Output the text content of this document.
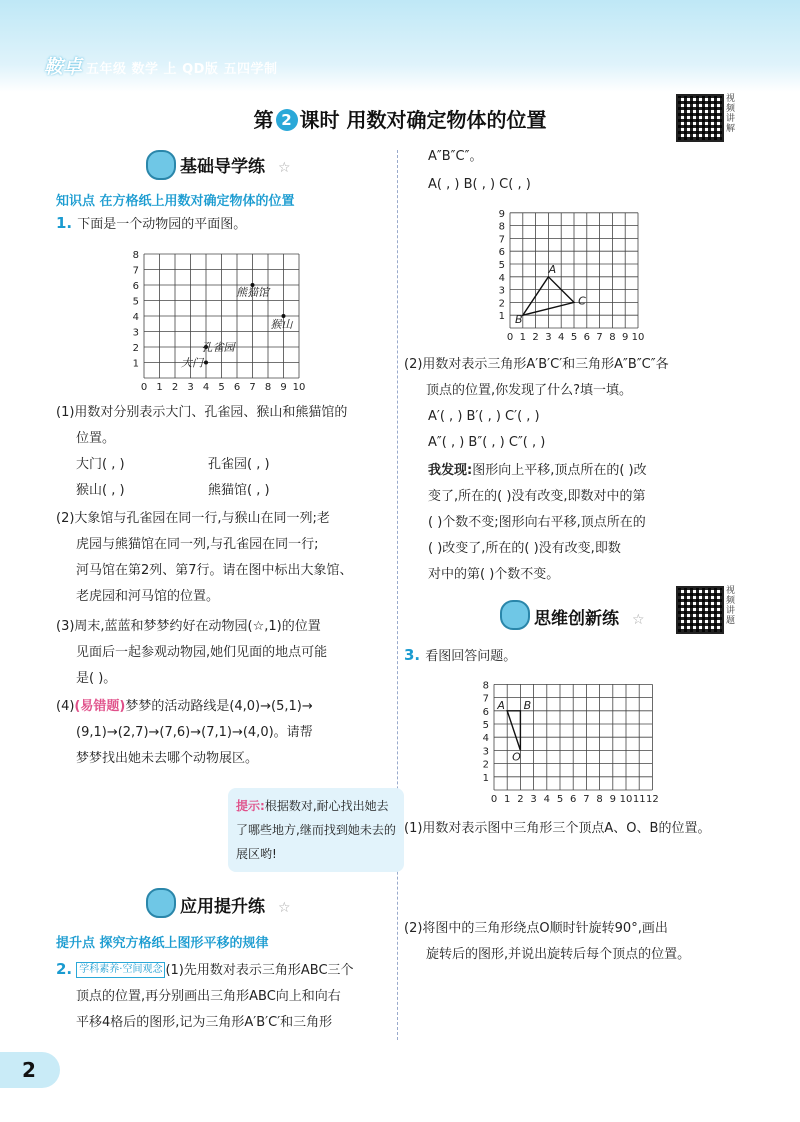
鞍卓 五年级 数学 上 QD版 五四学制
第 2 课时 用数对确定物体的位置
视频讲解
基础导学练 ☆
知识点 在方格纸上用数对确定物体的位置
1. 下面是一个动物园的平面图。
0 1 2 3 4 5 6 7 8 9 10
1
2
3
4
5
6
7
8
熊猫馆
猴山
孔雀园
大门
(1)用数对分别表示大门、孔雀园、猴山和熊猫馆的
位置。
大门( , )	孔雀园( , )
猴山( , )	熊猫馆( , )
(2)大象馆与孔雀园在同一行,与猴山在同一列;老
虎园与熊猫馆在同一列,与孔雀园在同一行;
河马馆在第2列、第7行。请在图中标出大象馆、
老虎园和河马馆的位置。
(3)周末,蓝蓝和梦梦约好在动物园(☆,1)的位置
见面后一起参观动物园,她们见面的地点可能
是( )。
(4)(易错题)梦梦的活动路线是(4,0)→(5,1)→
(9,1)→(2,7)→(7,6)→(7,1)→(4,0)。请帮
梦梦找出她未去哪个动物展区。
提示:根据数对,耐心找出她去了哪些地方,继而找到她未去的展区哟!
应用提升练 ☆
提升点 探究方格纸上图形平移的规律
2. 学科素养·空间观念 (1)先用数对表示三角形ABC三个
顶点的位置,再分别画出三角形ABC向上和向右
平移4格后的图形,记为三角形A′B′C′和三角形
A″B″C″。
A( , ) B( , ) C( , )
0 1 2 3 4 5 6 7 8 9 10
1
2
3
4
5
6
7
8
9
A
B
C
(2)用数对表示三角形A′B′C′和三角形A″B″C″各
顶点的位置,你发现了什么?填一填。
A′( , ) B′( , ) C′( , )
A″( , ) B″( , ) C″( , )
我发现:图形向上平移,顶点所在的( )改
变了,所在的( )没有改变,即数对中的第
( )个数不变;图形向右平移,顶点所在的
( )改变了,所在的( )没有改变,即数
对中的第( )个数不变。
思维创新练 ☆
视频讲题
3. 看图回答问题。
0 1 2 3 4 5 6 7 8 9 10 11 12
1
2
3
4
5
6
7
8
A B
O
(1)用数对表示图中三角形三个顶点A、O、B的位置。
(2)将图中的三角形绕点O顺时针旋转90°,画出
旋转后的图形,并说出旋转后每个顶点的位置。
2
